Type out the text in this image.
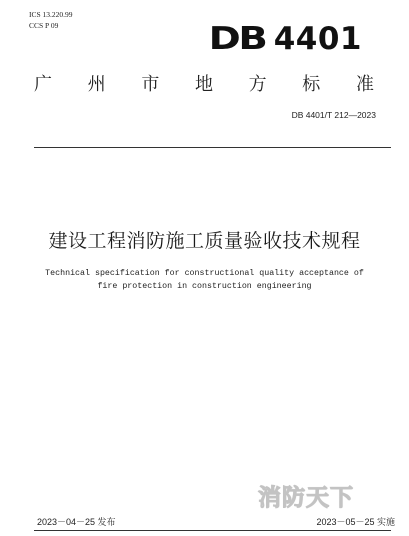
ICS 13.220.99
CCS P 09	DB 4401
广 州 市 地 方 标 准
DB 4401/T 212—2023
建设工程消防施工质量验收技术规程
Technical specification for constructional quality acceptance of
fire protection in construction engineering
消防天下
2023－04－25 发布	2023－05－25 实施
